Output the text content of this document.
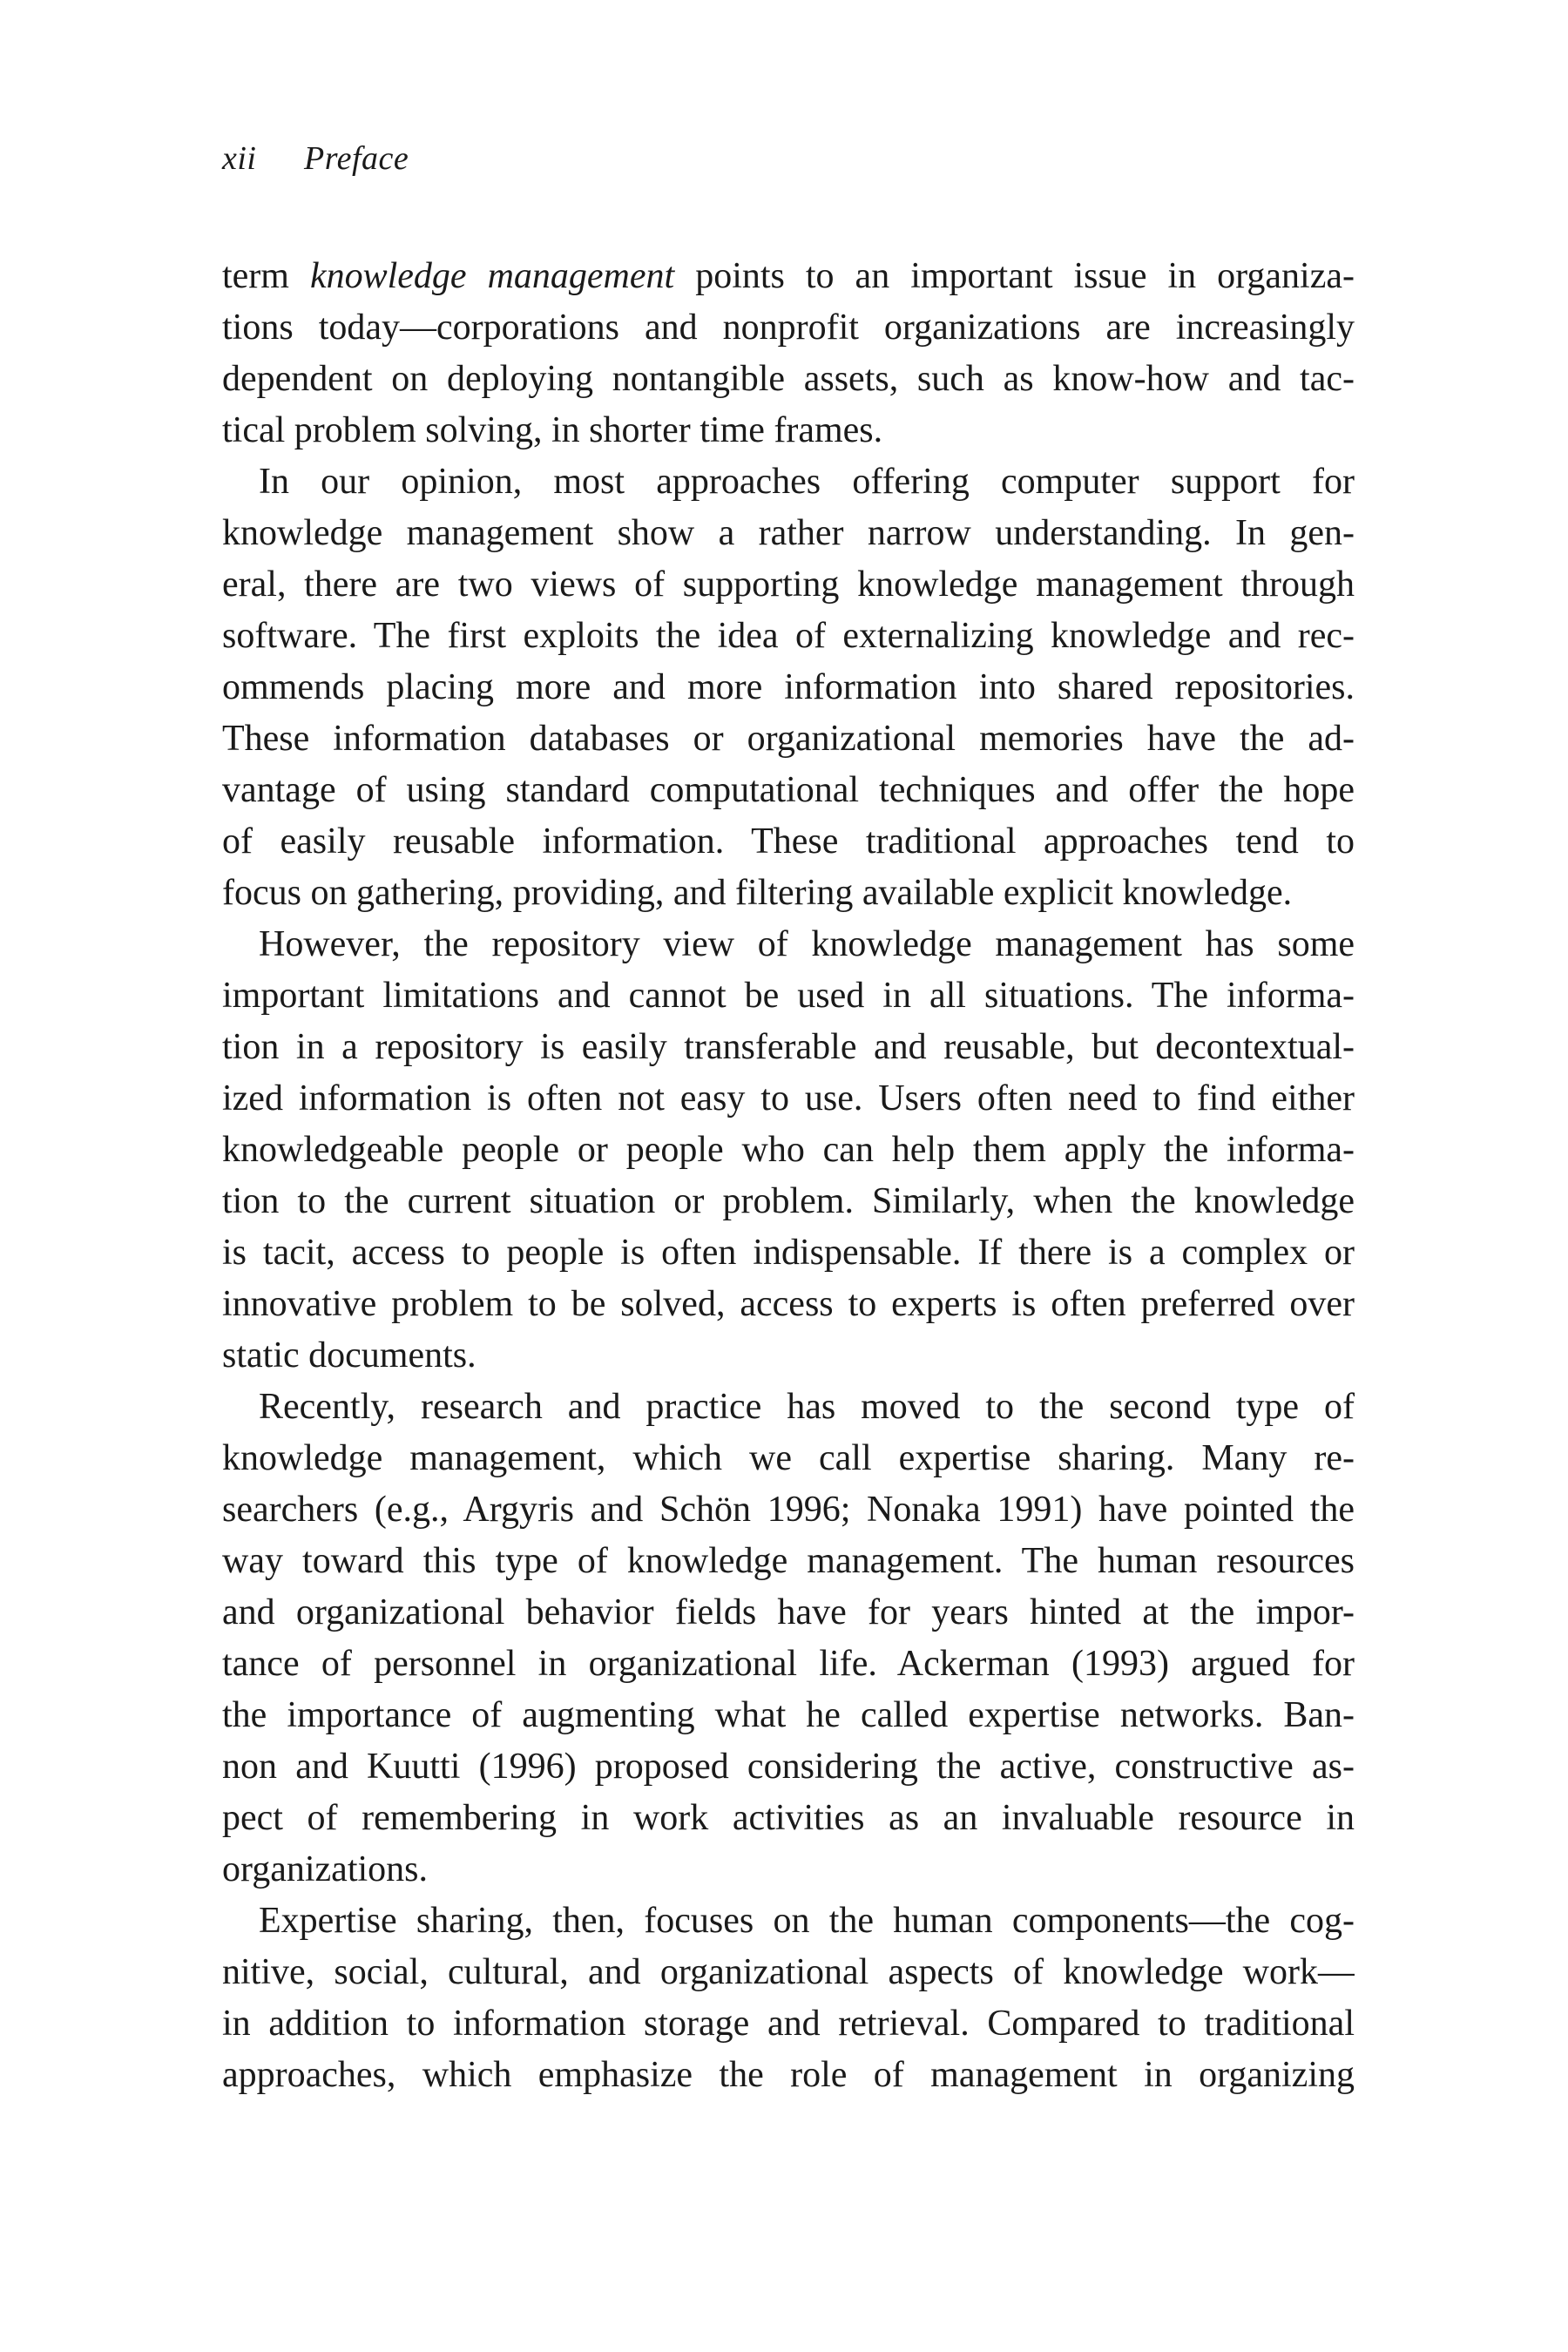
xii Preface
term knowledge management points to an important issue in organiza-
tions today—corporations and nonprofit organizations are increasingly
dependent on deploying nontangible assets, such as know-how and tac-
tical problem solving, in shorter time frames.
In our opinion, most approaches offering computer support for
knowledge management show a rather narrow understanding. In gen-
eral, there are two views of supporting knowledge management through
software. The first exploits the idea of externalizing knowledge and rec-
ommends placing more and more information into shared repositories.
These information databases or organizational memories have the ad-
vantage of using standard computational techniques and offer the hope
of easily reusable information. These traditional approaches tend to
focus on gathering, providing, and filtering available explicit knowledge.
However, the repository view of knowledge management has some
important limitations and cannot be used in all situations. The informa-
tion in a repository is easily transferable and reusable, but decontextual-
ized information is often not easy to use. Users often need to find either
knowledgeable people or people who can help them apply the informa-
tion to the current situation or problem. Similarly, when the knowledge
is tacit, access to people is often indispensable. If there is a complex or
innovative problem to be solved, access to experts is often preferred over
static documents.
Recently, research and practice has moved to the second type of
knowledge management, which we call expertise sharing. Many re-
searchers (e.g., Argyris and Schön 1996; Nonaka 1991) have pointed the
way toward this type of knowledge management. The human resources
and organizational behavior fields have for years hinted at the impor-
tance of personnel in organizational life. Ackerman (1993) argued for
the importance of augmenting what he called expertise networks. Ban-
non and Kuutti (1996) proposed considering the active, constructive as-
pect of remembering in work activities as an invaluable resource in
organizations.
Expertise sharing, then, focuses on the human components—the cog-
nitive, social, cultural, and organizational aspects of knowledge work—
in addition to information storage and retrieval. Compared to traditional
approaches, which emphasize the role of management in organizing
